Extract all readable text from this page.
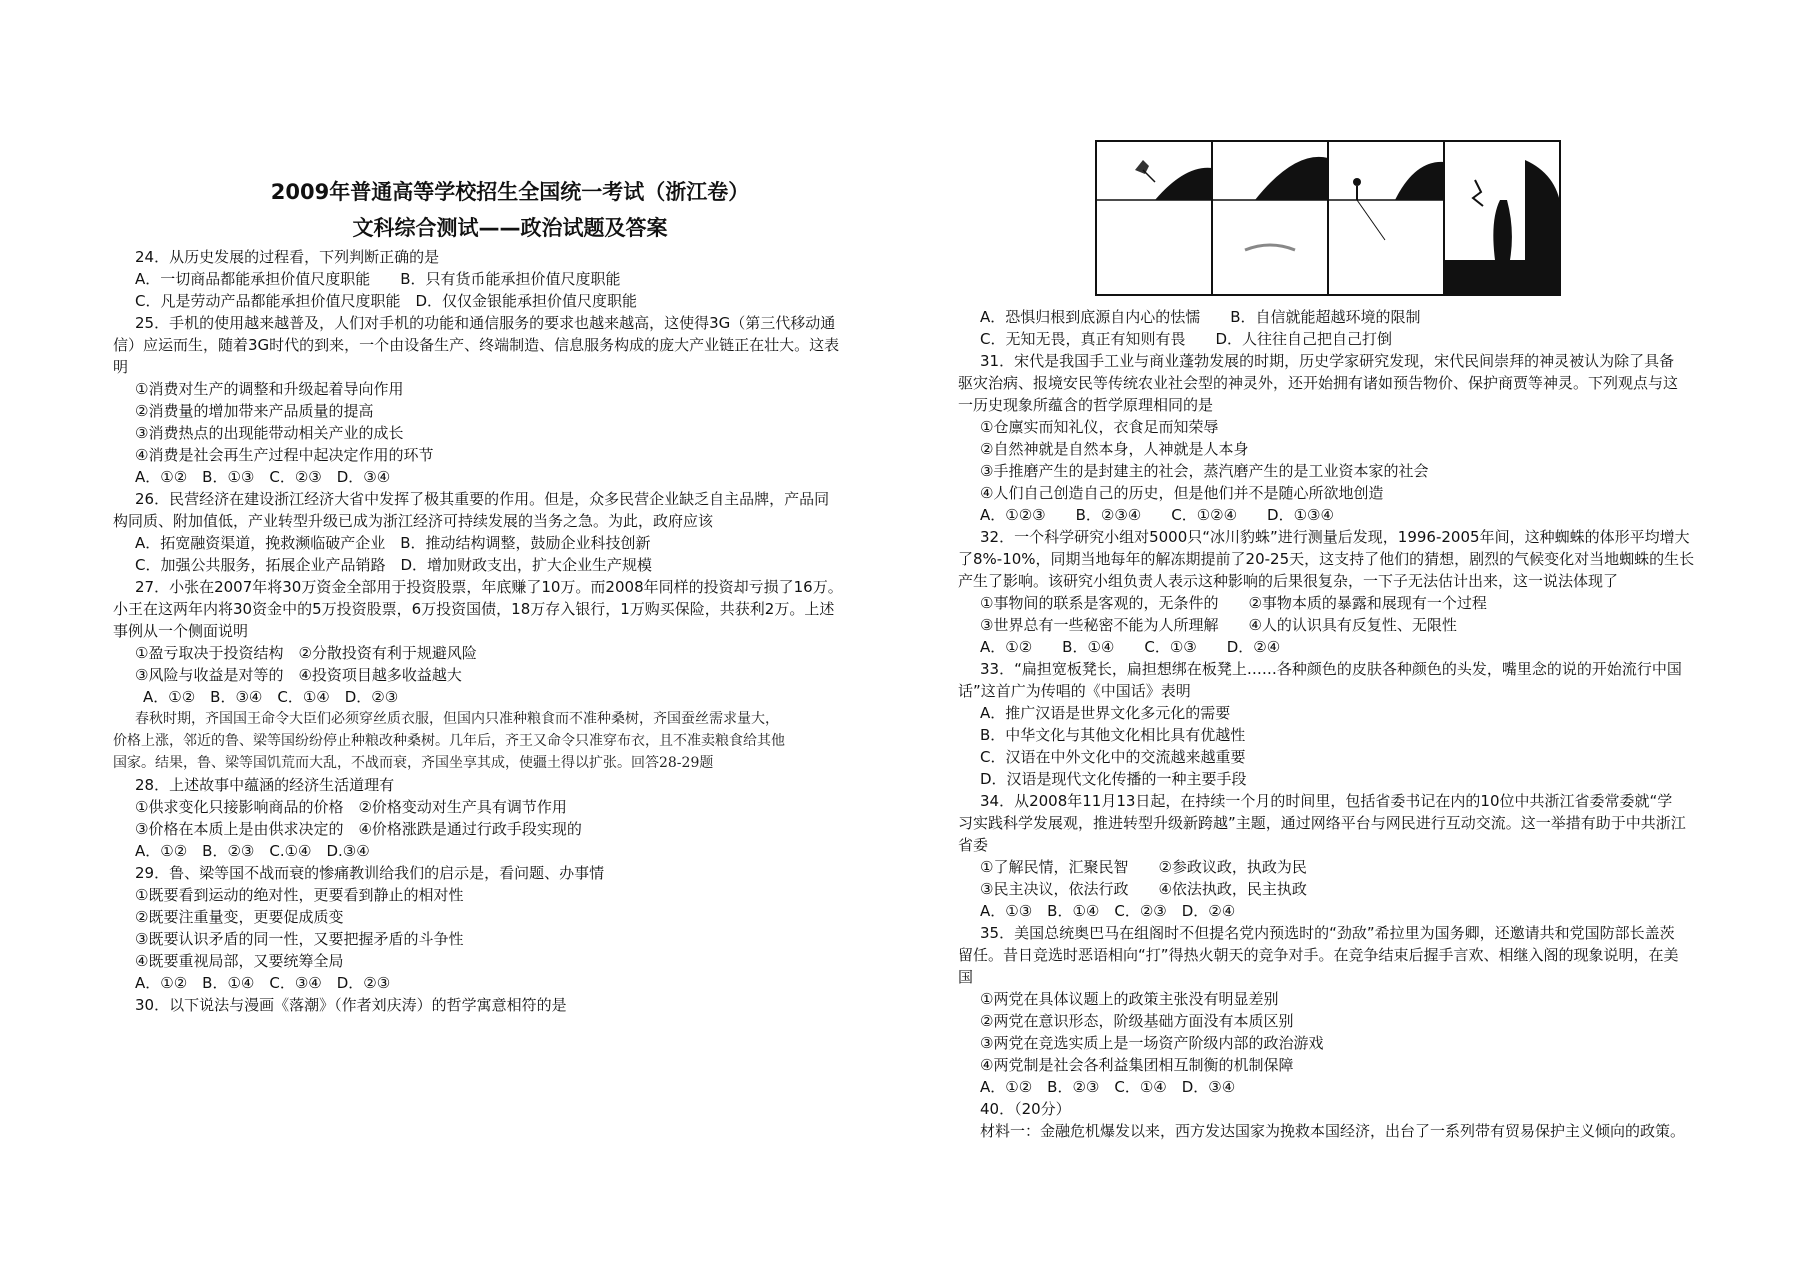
2009年普通高等学校招生全国统一考试（浙江卷）
文科综合测试——政治试题及答案
24．从历史发展的过程看，下列判断正确的是
A．一切商品都能承担价值尺度职能　　B．只有货币能承担价值尺度职能
C．凡是劳动产品都能承担价值尺度职能　D．仅仅金银能承担价值尺度职能
25．手机的使用越来越普及，人们对手机的功能和通信服务的要求也越来越高，这使得3G（第三代移动通
信）应运而生，随着3G时代的到来，一个由设备生产、终端制造、信息服务构成的庞大产业链正在壮大。这表
明
①消费对生产的调整和升级起着导向作用
②消费量的增加带来产品质量的提高
③消费热点的出现能带动相关产业的成长
④消费是社会再生产过程中起决定作用的环节
A．①②　B．①③　C．②③　D．③④
26．民营经济在建设浙江经济大省中发挥了极其重要的作用。但是，众多民营企业缺乏自主品牌，产品同
构同质、附加值低，产业转型升级已成为浙江经济可持续发展的当务之急。为此，政府应该
A．拓宽融资渠道，挽救濒临破产企业　B．推动结构调整，鼓励企业科技创新
C．加强公共服务，拓展企业产品销路　D．增加财政支出，扩大企业生产规模
27．小张在2007年将30万资金全部用于投资股票，年底赚了10万。而2008年同样的投资却亏损了16万。
小王在这两年内将30资金中的5万投资股票，6万投资国债，18万存入银行，1万购买保险，共获利2万。上述
事例从一个侧面说明
①盈亏取决于投资结构　②分散投资有利于规避风险
③风险与收益是对等的　④投资项目越多收益越大
A．①②　B．③④　C．①④　D．②③
春秋时期，齐国国王命令大臣们必须穿丝质衣服，但国内只准种粮食而不准种桑树，齐国蚕丝需求量大，
价格上涨，邻近的鲁、梁等国纷纷停止种粮改种桑树。几年后，齐王又命令只准穿布衣，且不准卖粮食给其他
国家。结果，鲁、梁等国饥荒而大乱，不战而衰，齐国坐享其成，使疆土得以扩张。回答28-29题
28．上述故事中蕴涵的经济生活道理有
①供求变化只接影响商品的价格　②价格变动对生产具有调节作用
③价格在本质上是由供求决定的　④价格涨跌是通过行政手段实现的
A．①②　B．②③　C.①④　D.③④
29．鲁、梁等国不战而衰的惨痛教训给我们的启示是，看问题、办事情
①既要看到运动的绝对性，更要看到静止的相对性
②既要注重量变，更要促成质变
③既要认识矛盾的同一性，又要把握矛盾的斗争性
④既要重视局部，又要统筹全局
A．①②　B．①④　C．③④　D．②③
30．以下说法与漫画《落潮》（作者刘庆涛）的哲学寓意相符的是
A．恐惧归根到底源自内心的怯懦　　B．自信就能超越环境的限制
C．无知无畏，真正有知则有畏　　D．人往往自己把自己打倒
31．宋代是我国手工业与商业蓬勃发展的时期，历史学家研究发现，宋代民间崇拜的神灵被认为除了具备
驱灾治病、报境安民等传统农业社会型的神灵外，还开始拥有诸如预告物价、保护商贾等神灵。下列观点与这
一历史现象所蕴含的哲学原理相同的是
①仓廪实而知礼仪，衣食足而知荣辱
②自然神就是自然本身，人神就是人本身
③手推磨产生的是封建主的社会，蒸汽磨产生的是工业资本家的社会
④人们自己创造自己的历史，但是他们并不是随心所欲地创造
A．①②③　　B．②③④　　C．①②④　　D．①③④
32．一个科学研究小组对5000只“冰川豹蛛”进行测量后发现，1996-2005年间，这种蜘蛛的体形平均增大
了8%-10%，同期当地每年的解冻期提前了20-25天，这支持了他们的猜想，剧烈的气候变化对当地蜘蛛的生长
产生了影响。该研究小组负责人表示这种影响的后果很复杂，一下子无法估计出来，这一说法体现了
①事物间的联系是客观的，无条件的　　②事物本质的暴露和展现有一个过程
③世界总有一些秘密不能为人所理解　　④人的认识具有反复性、无限性
A．①②　　B．①④　　C．①③　　D．②④
33．“扁担宽板凳长，扁担想绑在板凳上……各种颜色的皮肤各种颜色的头发，嘴里念的说的开始流行中国
话”这首广为传唱的《中国话》表明
A．推广汉语是世界文化多元化的需要
B．中华文化与其他文化相比具有优越性
C．汉语在中外文化中的交流越来越重要
D．汉语是现代文化传播的一种主要手段
34．从2008年11月13日起，在持续一个月的时间里，包括省委书记在内的10位中共浙江省委常委就“学
习实践科学发展观，推进转型升级新跨越”主题，通过网络平台与网民进行互动交流。这一举措有助于中共浙江
省委
①了解民情，汇聚民智　　②参政议政，执政为民
③民主决议，依法行政　　④依法执政，民主执政
A．①③　B．①④　C．②③　D．②④
35．美国总统奥巴马在组阁时不但提名党内预选时的“劲敌”希拉里为国务卿，还邀请共和党国防部长盖茨
留任。昔日竞选时恶语相向“打”得热火朝天的竞争对手。在竞争结束后握手言欢、相继入阁的现象说明，在美
国
①两党在具体议题上的政策主张没有明显差别
②两党在意识形态，阶级基础方面没有本质区别
③两党在竞选实质上是一场资产阶级内部的政治游戏
④两党制是社会各利益集团相互制衡的机制保障
A．①②　B．②③　C．①④　D．③④
40．（20分）
材料一：金融危机爆发以来，西方发达国家为挽救本国经济，出台了一系列带有贸易保护主义倾向的政策。
